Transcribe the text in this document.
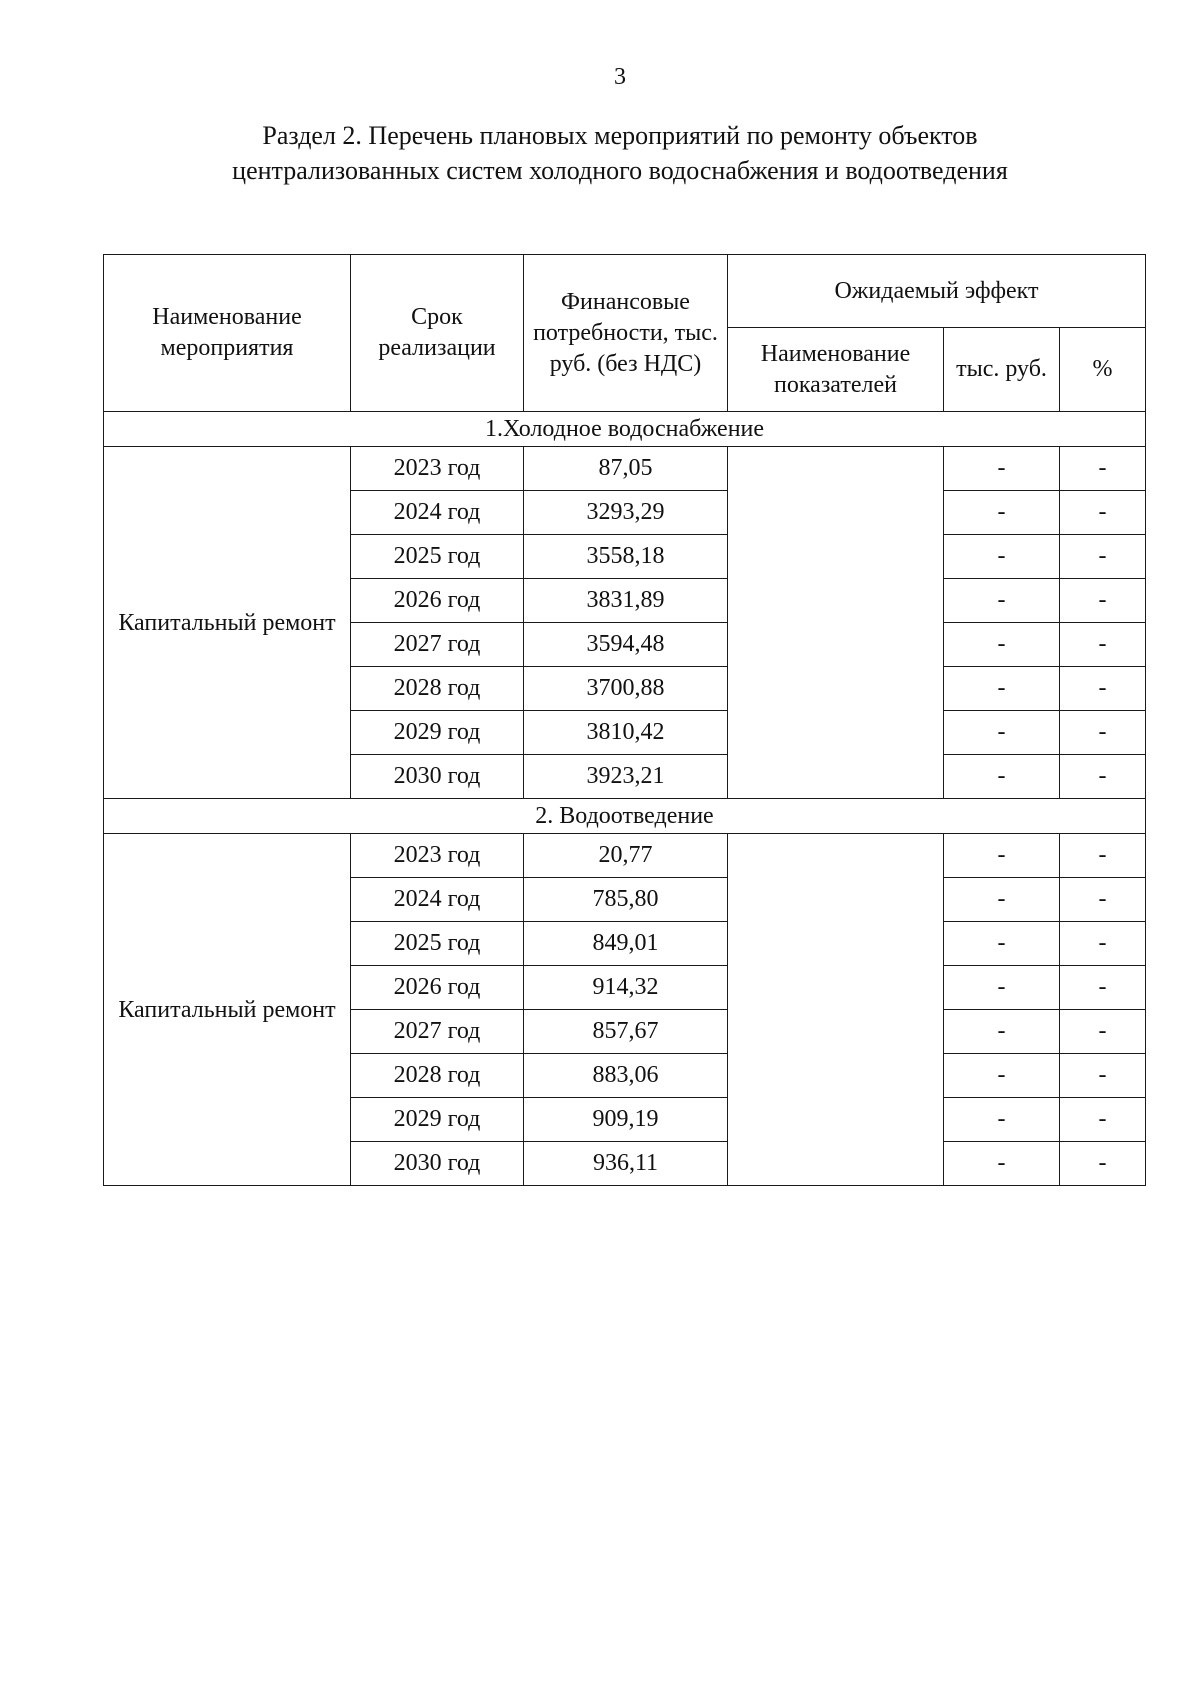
3
Раздел 2. Перечень плановых мероприятий по ремонту объектов
централизованных систем холодного водоснабжения и водоотведения
Наименование мероприятия	Срок реализации	Финансовые потребности, тыс. руб. (без НДС)	Ожидаемый эффект		
			Наименование показателей	тыс. руб.	%
1.Холодное водоснабжение					
Капитальный ремонт	2023 год	87,05		-	-
	2024 год	3293,29		-	-
	2025 год	3558,18		-	-
	2026 год	3831,89		-	-
	2027 год	3594,48		-	-
	2028 год	3700,88		-	-
	2029 год	3810,42		-	-
	2030 год	3923,21		-	-
2. Водоотведение					
Капитальный ремонт	2023 год	20,77		-	-
	2024 год	785,80		-	-
	2025 год	849,01		-	-
	2026 год	914,32		-	-
	2027 год	857,67		-	-
	2028 год	883,06		-	-
	2029 год	909,19		-	-
	2030 год	936,11		-	-
